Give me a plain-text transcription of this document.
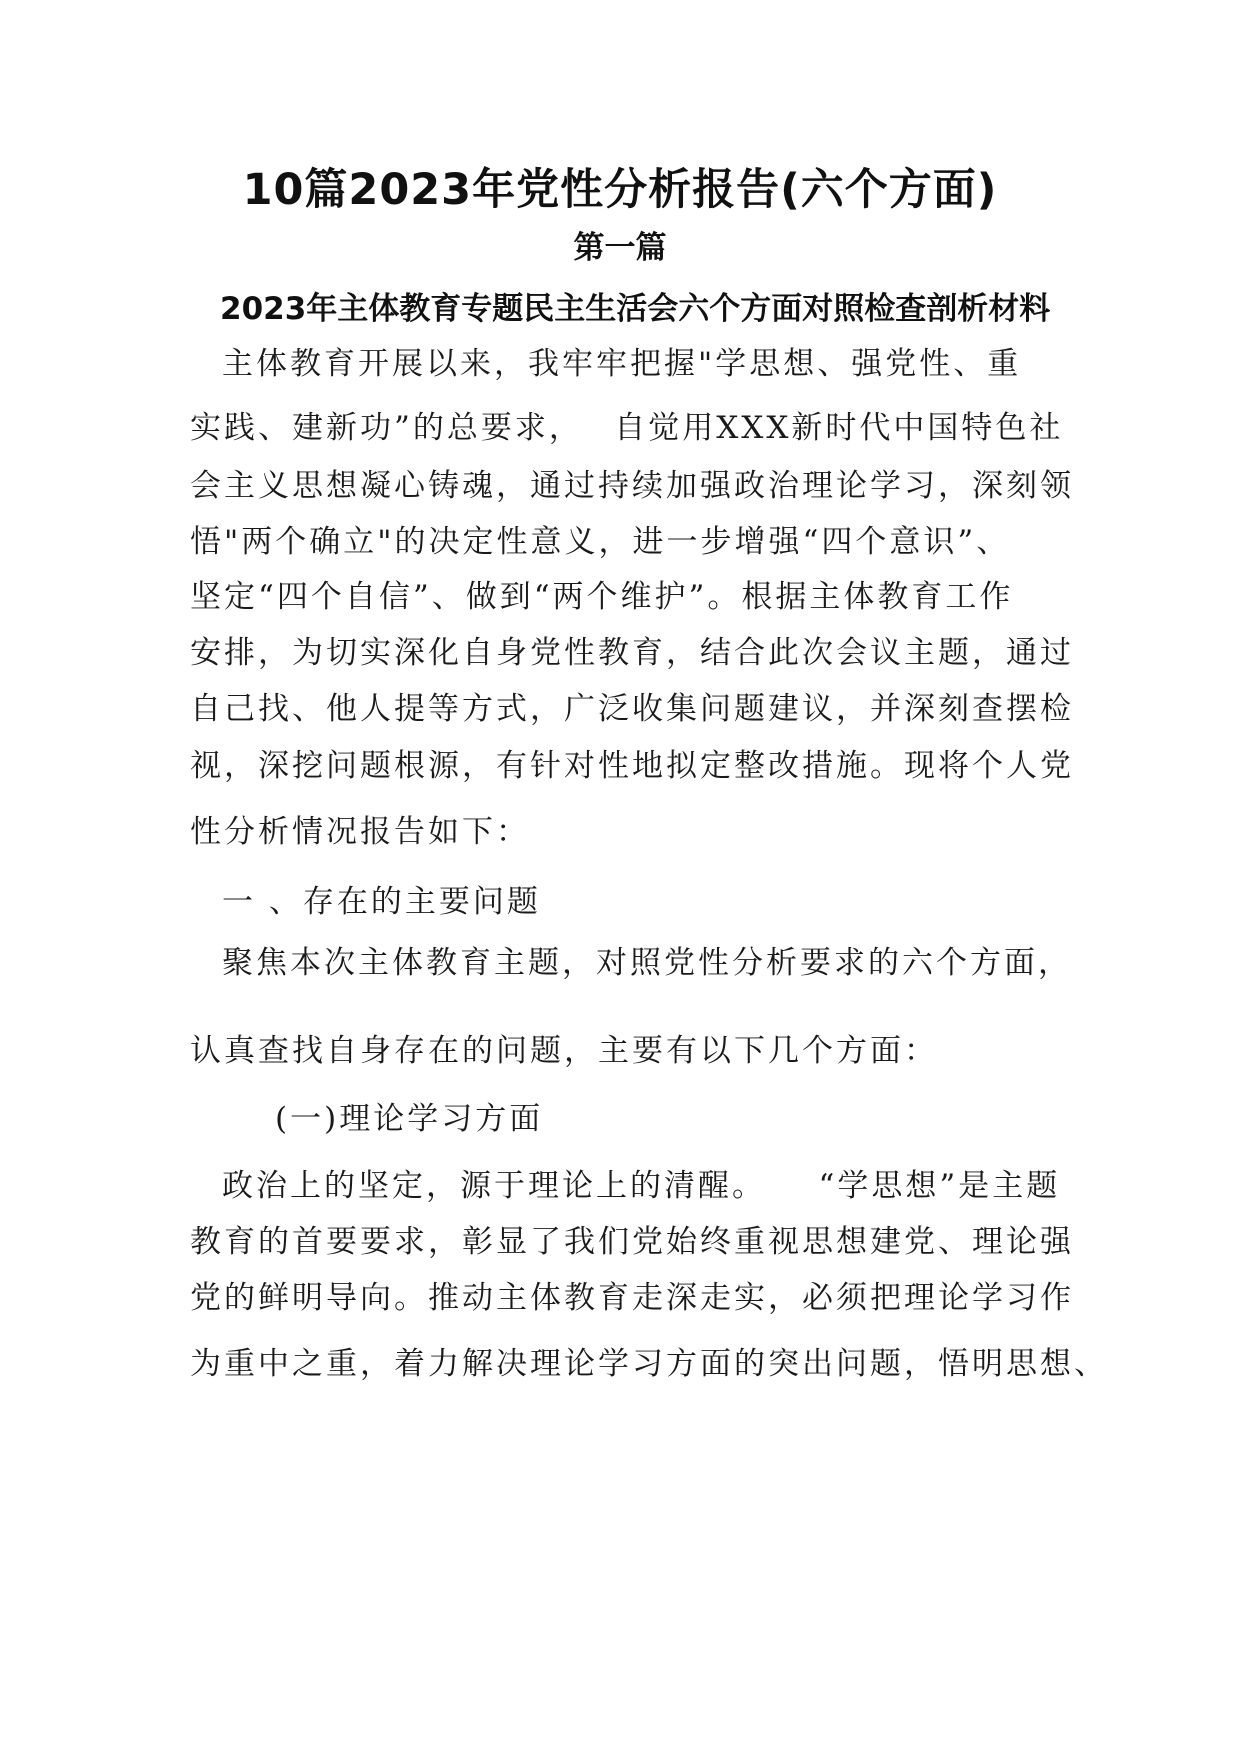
10篇2023年党性分析报告(六个方面)
第一篇
2023年主体教育专题民主生活会六个方面对照检查剖析材料
主体教育开展以来，我牢牢把握"学思想、强党性、重
实践、建新功”的总要求，　 自觉用XXX新时代中国特色社
会主义思想凝心铸魂，通过持续加强政治理论学习，深刻领
悟"两个确立"的决定性意义，进一步增强“四个意识”、
坚定“四个自信”、做到“两个维护”。根据主体教育工作
安排，为切实深化自身党性教育，结合此次会议主题，通过
自己找、他人提等方式，广泛收集问题建议，并深刻查摆检
视，深挖问题根源，有针对性地拟定整改措施。现将个人党
性分析情况报告如下：
一 、存在的主要问题
聚焦本次主体教育主题，对照党性分析要求的六个方面，
认真查找自身存在的问题，主要有以下几个方面：
(一)理论学习方面
政治上的坚定，源于理论上的清醒。　　“学思想”是主题
教育的首要要求，彰显了我们党始终重视思想建党、理论强
党的鲜明导向。推动主体教育走深走实，必须把理论学习作
为重中之重，着力解决理论学习方面的突出问题，悟明思想、
